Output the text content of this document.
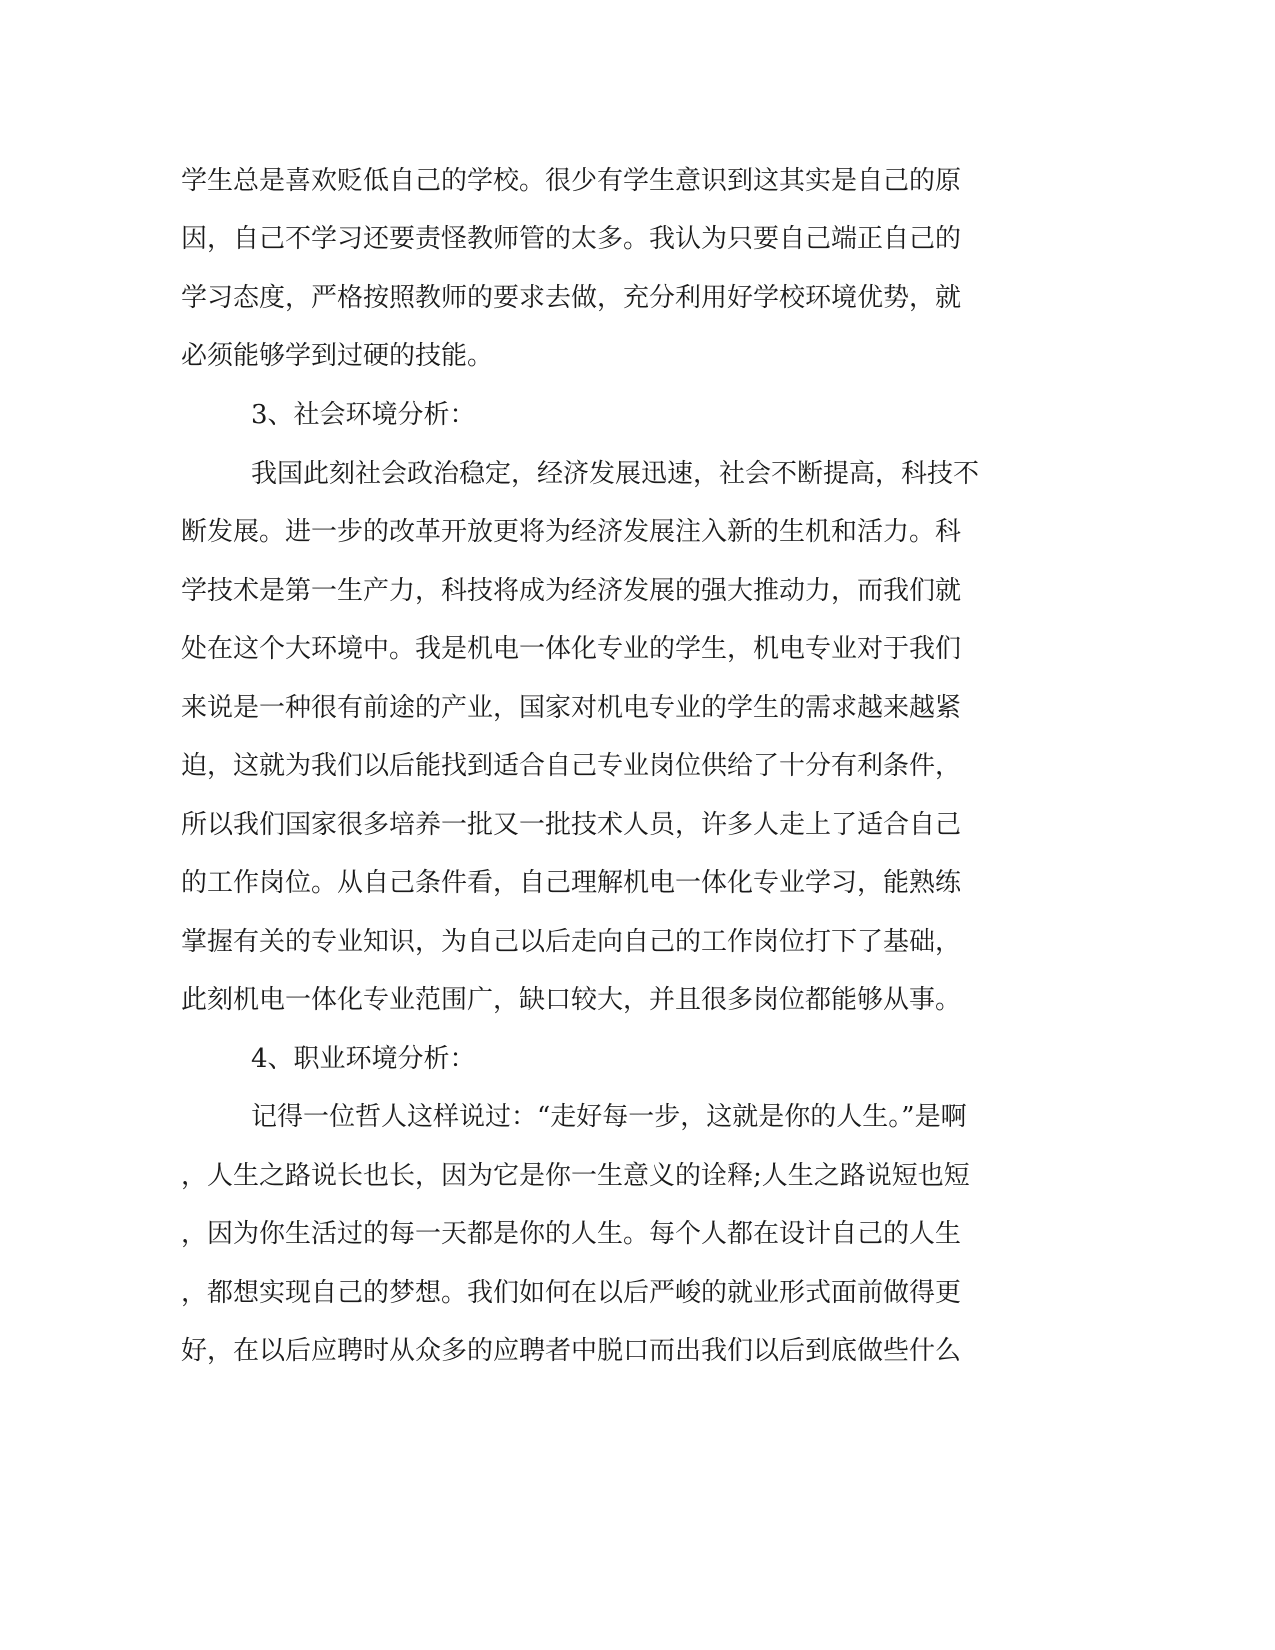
学生总是喜欢贬低自己的学校。很少有学生意识到这其实是自己的原
因，自己不学习还要责怪教师管的太多。我认为只要自己端正自己的
学习态度，严格按照教师的要求去做，充分利用好学校环境优势，就
必须能够学到过硬的技能。
3、社会环境分析：
我国此刻社会政治稳定，经济发展迅速，社会不断提高，科技不
断发展。进一步的改革开放更将为经济发展注入新的生机和活力。科
学技术是第一生产力，科技将成为经济发展的强大推动力，而我们就
处在这个大环境中。我是机电一体化专业的学生，机电专业对于我们
来说是一种很有前途的产业，国家对机电专业的学生的需求越来越紧
迫，这就为我们以后能找到适合自己专业岗位供给了十分有利条件，
所以我们国家很多培养一批又一批技术人员，许多人走上了适合自己
的工作岗位。从自己条件看，自己理解机电一体化专业学习，能熟练
掌握有关的专业知识，为自己以后走向自己的工作岗位打下了基础，
此刻机电一体化专业范围广，缺口较大，并且很多岗位都能够从事。
4、职业环境分析：
记得一位哲人这样说过：“走好每一步，这就是你的人生。”是啊
，人生之路说长也长，因为它是你一生意义的诠释;人生之路说短也短
，因为你生活过的每一天都是你的人生。每个人都在设计自己的人生
，都想实现自己的梦想。我们如何在以后严峻的就业形式面前做得更
好，在以后应聘时从众多的应聘者中脱口而出我们以后到底做些什么
